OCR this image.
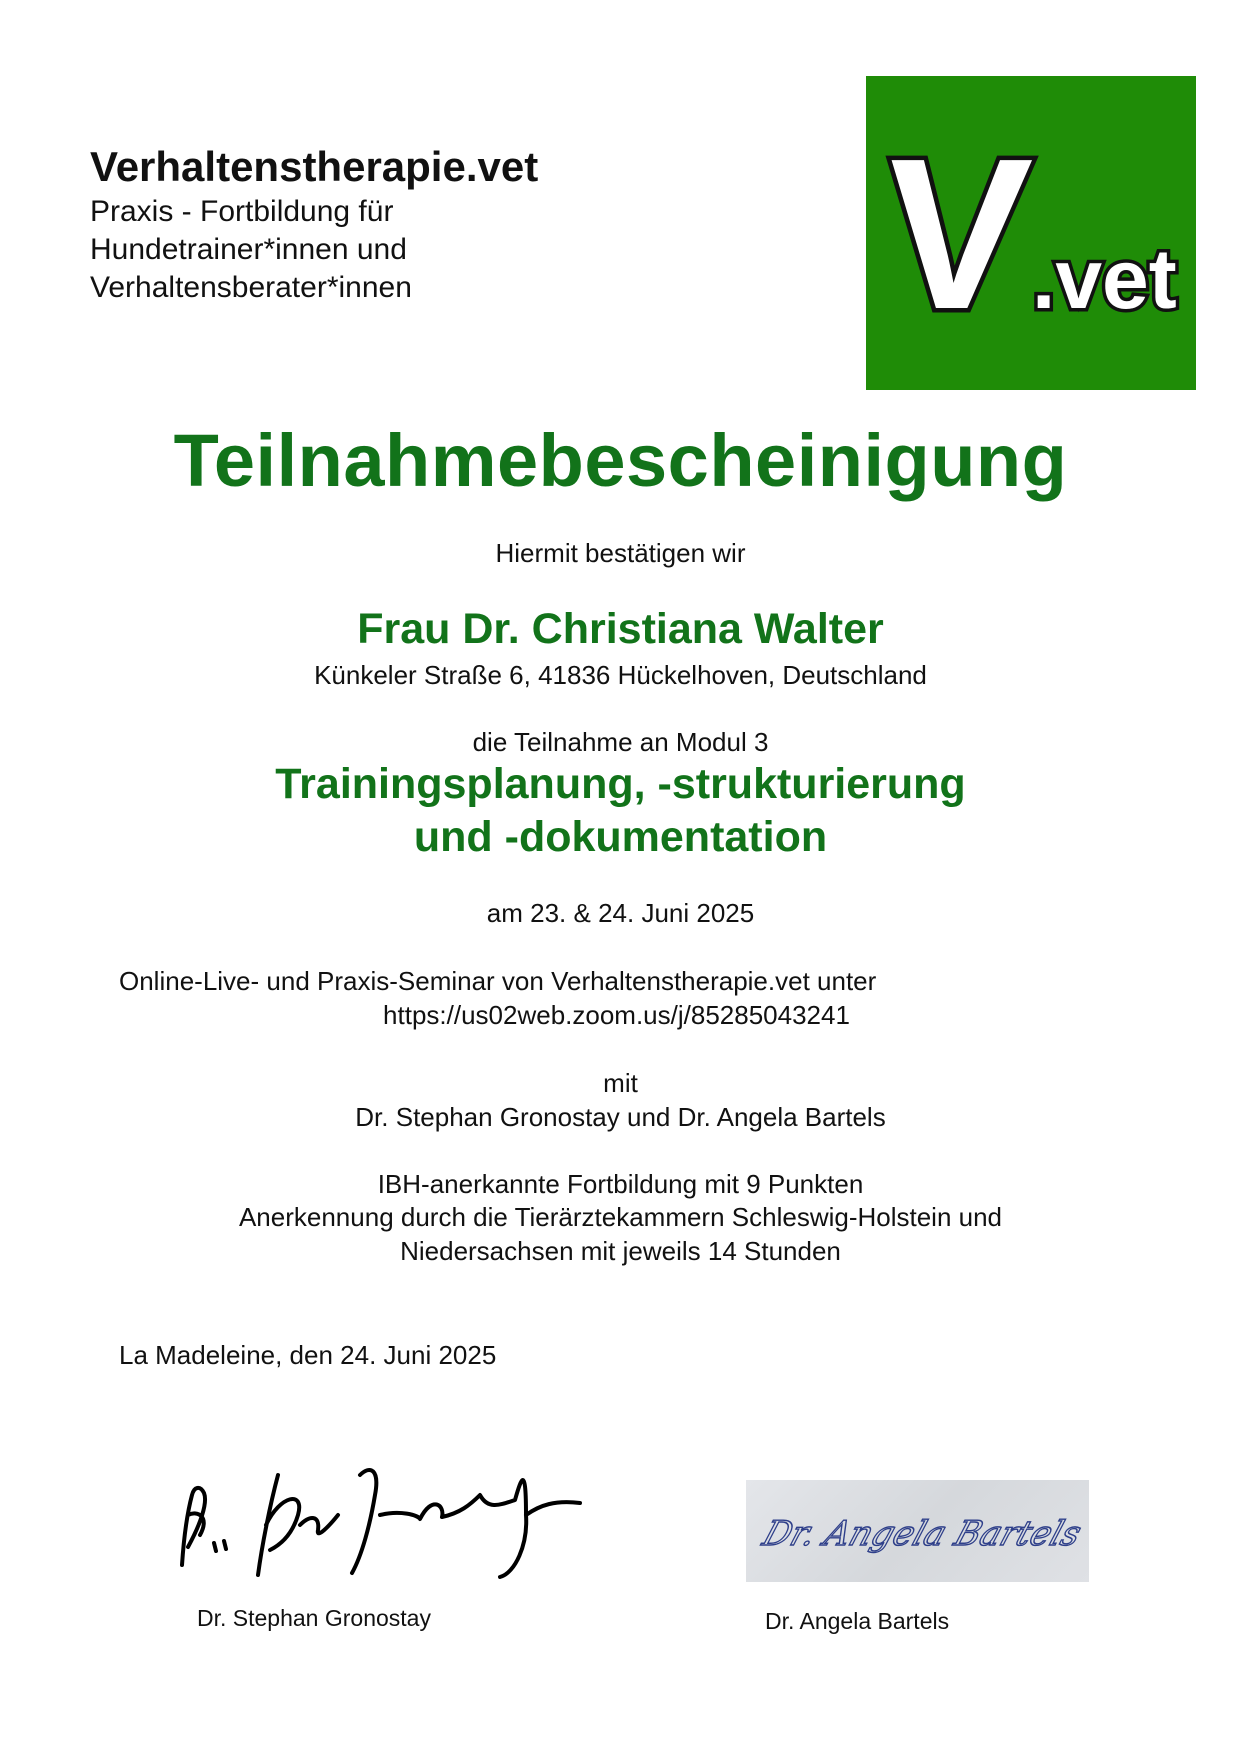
Verhaltenstherapie.vet
Praxis - Fortbildung für
Hundetrainer*innen und
Verhaltensberater*innen V
.vet
Teilnahmebescheinigung
Hiermit bestätigen wir
Frau Dr. Christiana Walter
Künkeler Straße 6, 41836 Hückelhoven, Deutschland
die Teilnahme an Modul 3
Trainingsplanung, -strukturierung
und -dokumentation
am 23. & 24. Juni 2025
Online-Live- und Praxis-Seminar von Verhaltenstherapie.vet unter
https://us02web.zoom.us/j/85285043241
mit
Dr. Stephan Gronostay und Dr. Angela Bartels
IBH-anerkannte Fortbildung mit 9 Punkten
Anerkennung durch die Tierärztekammern Schleswig-Holstein und
Niedersachsen mit jeweils 14 Stunden
La Madeleine, den 24. Juni 2025
Dr. Angela Bartels
Dr. Stephan Gronostay	Dr. Angela Bartels
